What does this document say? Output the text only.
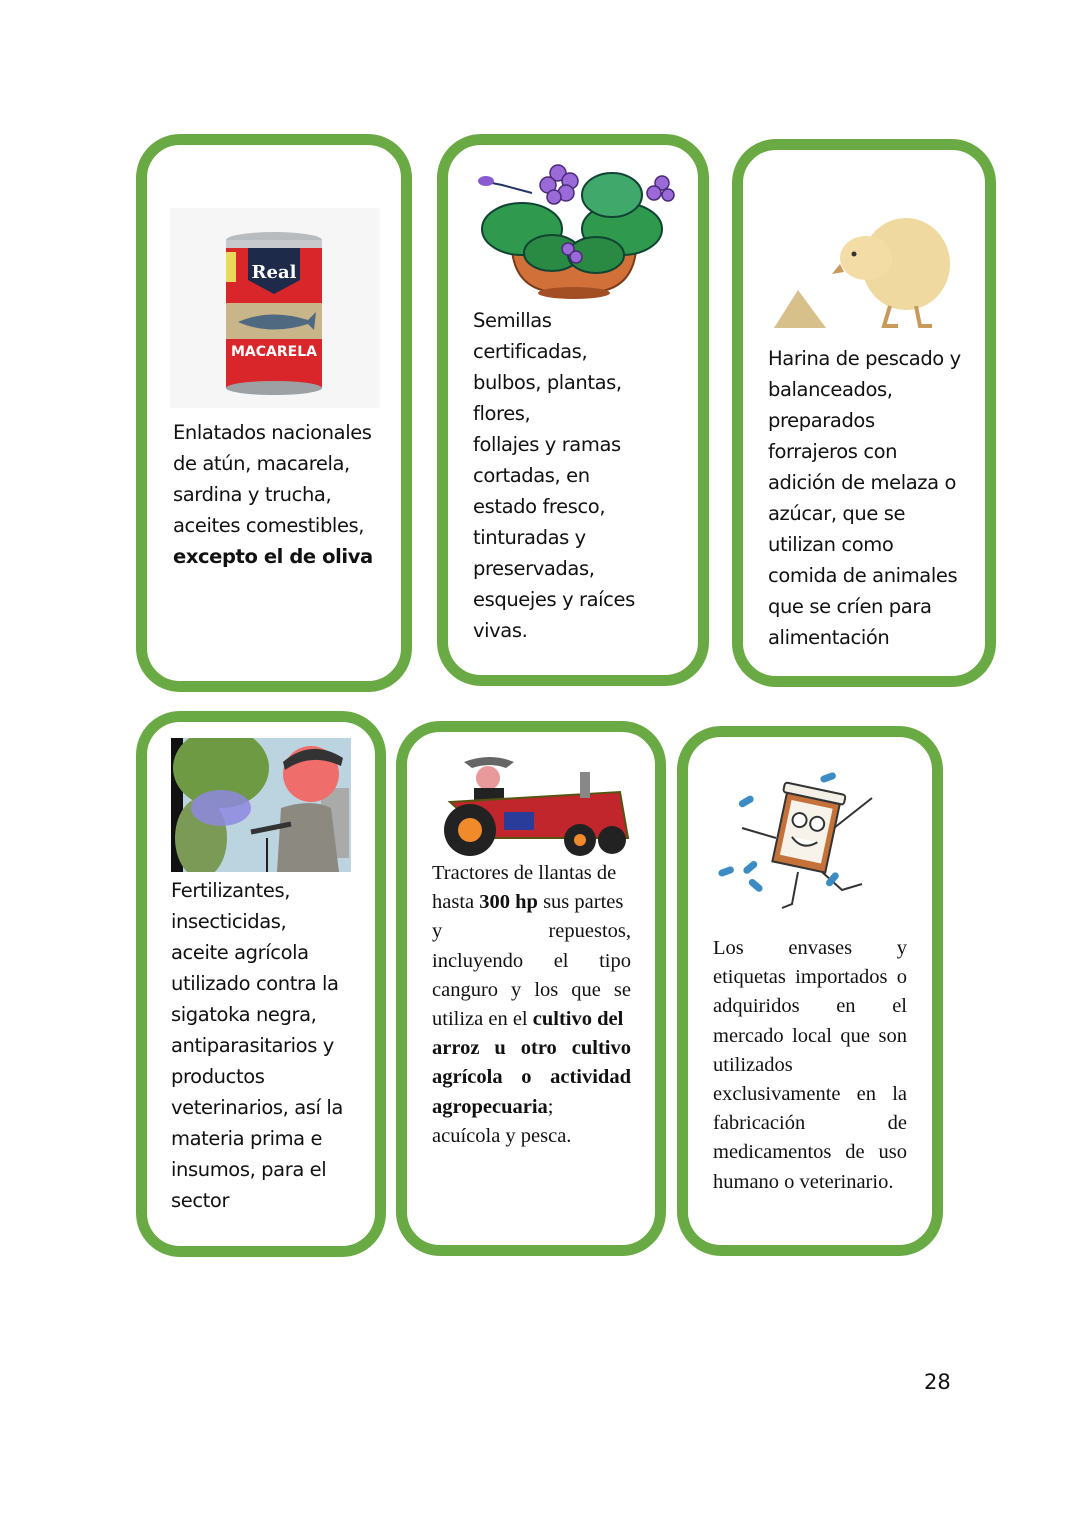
Real
MACARELA
Enlatados nacionales
de atún, macarela,
sardina y trucha,
aceites comestibles,
excepto el de oliva
Semillas
certificadas,
bulbos, plantas,
flores,
follajes y ramas
cortadas, en
estado fresco,
tinturadas y
preservadas,
esquejes y raíces
vivas.
Harina de pescado y
balanceados,
preparados
forrajeros con
adición de melaza o
azúcar, que se
utilizan como
comida de animales
que se críen para
alimentación
Fertilizantes,
insecticidas,
aceite agrícola
utilizado contra la
sigatoka negra,
antiparasitarios y
productos
veterinarios, así la
materia prima e
insumos, para el
sector
Tractores de llantas de
hasta 300 hp sus partes
y repuestos,
incluyendo el tipo
canguro y los que se
utiliza en el cultivo del
arroz u otro cultivo
agrícola o actividad
agropecuaria;
acuícola y pesca.
Los envases y
etiquetas importados o
adquiridos en el
mercado local que son
utilizados
exclusivamente en la
fabricación de
medicamentos de uso
humano o veterinario.
28
